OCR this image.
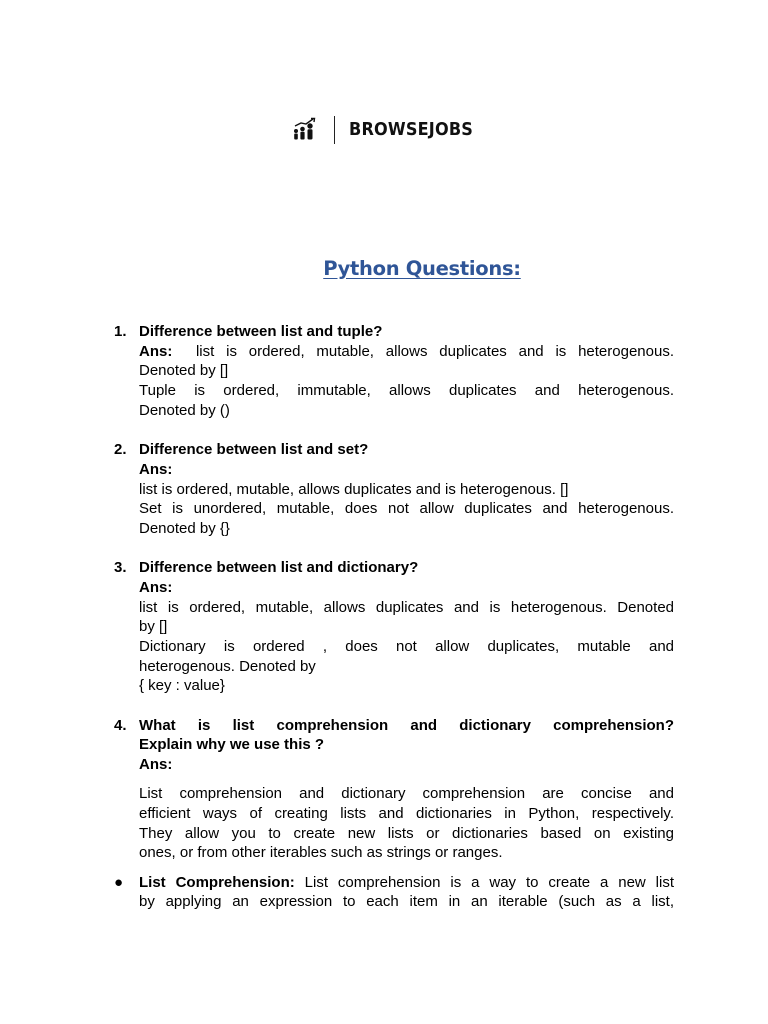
BROWSEJOBS
Python Questions:
1. Difference between list and tuple?
Ans: list is ordered, mutable, allows duplicates and is heterogenous.
Denoted by []
Tuple is ordered, immutable, allows duplicates and heterogenous.
Denoted by ()
2. Difference between list and set?
Ans:
list is ordered, mutable, allows duplicates and is heterogenous. []
Set is unordered, mutable, does not allow duplicates and heterogenous.
Denoted by {}
3. Difference between list and dictionary?
Ans:
list is ordered, mutable, allows duplicates and is heterogenous. Denoted
by []
Dictionary is ordered , does not allow duplicates, mutable and
heterogenous. Denoted by
{ key : value}
4. What is list comprehension and dictionary comprehension?
Explain why we use this ?
Ans:
List comprehension and dictionary comprehension are concise and
efficient ways of creating lists and dictionaries in Python, respectively.
They allow you to create new lists or dictionaries based on existing
ones, or from other iterables such as strings or ranges.
●	List Comprehension: List comprehension is a way to create a new list
by applying an expression to each item in an iterable (such as a list,
